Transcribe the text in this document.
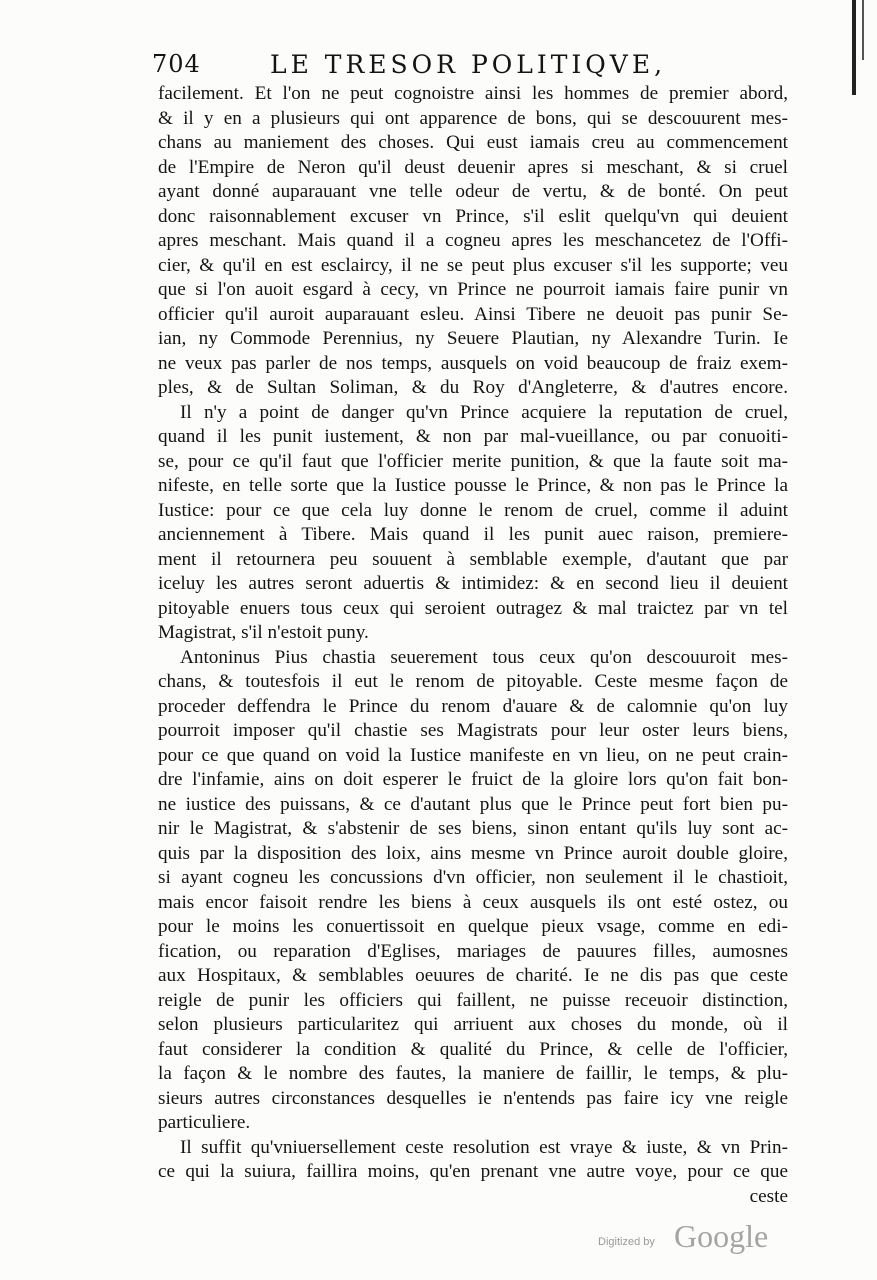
704	LE TRESOR POLITIQVE,
facilement. Et l'on ne peut cognoistre ainsi les hommes de premier abord,
& il y en a plusieurs qui ont apparence de bons, qui se descouurent mes-
chans au maniement des choses. Qui eust iamais creu au commencement
de l'Empire de Neron qu'il deust deuenir apres si meschant, & si cruel
ayant donné auparauant vne telle odeur de vertu, & de bonté. On peut
donc raisonnablement excuser vn Prince, s'il eslit quelqu'vn qui deuient
apres meschant. Mais quand il a cogneu apres les meschancetez de l'Offi-
cier, & qu'il en est esclaircy, il ne se peut plus excuser s'il les supporte; veu
que si l'on auoit esgard à cecy, vn Prince ne pourroit iamais faire punir vn
officier qu'il auroit auparauant esleu. Ainsi Tibere ne deuoit pas punir Se-
ian, ny Commode Perennius, ny Seuere Plautian, ny Alexandre Turin. Ie
ne veux pas parler de nos temps, ausquels on void beaucoup de fraiz exem-
ples, & de Sultan Soliman, & du Roy d'Angleterre, & d'autres encore.
Il n'y a point de danger qu'vn Prince acquiere la reputation de cruel,
quand il les punit iustement, & non par mal-vueillance, ou par conuoiti-
se, pour ce qu'il faut que l'officier merite punition, & que la faute soit ma-
nifeste, en telle sorte que la Iustice pousse le Prince, & non pas le Prince la
Iustice: pour ce que cela luy donne le renom de cruel, comme il aduint
anciennement à Tibere. Mais quand il les punit auec raison, premiere-
ment il retournera peu souuent à semblable exemple, d'autant que par
iceluy les autres seront aduertis & intimidez: & en second lieu il deuient
pitoyable enuers tous ceux qui seroient outragez & mal traictez par vn tel
Magistrat, s'il n'estoit puny.
Antoninus Pius chastia seuerement tous ceux qu'on descouuroit mes-
chans, & toutesfois il eut le renom de pitoyable. Ceste mesme façon de
proceder deffendra le Prince du renom d'auare & de calomnie qu'on luy
pourroit imposer qu'il chastie ses Magistrats pour leur oster leurs biens,
pour ce que quand on void la Iustice manifeste en vn lieu, on ne peut crain-
dre l'infamie, ains on doit esperer le fruict de la gloire lors qu'on fait bon-
ne iustice des puissans, & ce d'autant plus que le Prince peut fort bien pu-
nir le Magistrat, & s'abstenir de ses biens, sinon entant qu'ils luy sont ac-
quis par la disposition des loix, ains mesme vn Prince auroit double gloire,
si ayant cogneu les concussions d'vn officier, non seulement il le chastioit,
mais encor faisoit rendre les biens à ceux ausquels ils ont esté ostez, ou
pour le moins les conuertissoit en quelque pieux vsage, comme en edi-
fication, ou reparation d'Eglises, mariages de pauures filles, aumosnes
aux Hospitaux, & semblables oeuures de charité. Ie ne dis pas que ceste
reigle de punir les officiers qui faillent, ne puisse receuoir distinction,
selon plusieurs particularitez qui arriuent aux choses du monde, où il
faut considerer la condition & qualité du Prince, & celle de l'officier,
la façon & le nombre des fautes, la maniere de faillir, le temps, & plu-
sieurs autres circonstances desquelles ie n'entends pas faire icy vne reigle
particuliere.
Il suffit qu'vniuersellement ceste resolution est vraye & iuste, & vn Prin-
ce qui la suiura, faillira moins, qu'en prenant vne autre voye, pour ce que
ceste
Digitized by Google
